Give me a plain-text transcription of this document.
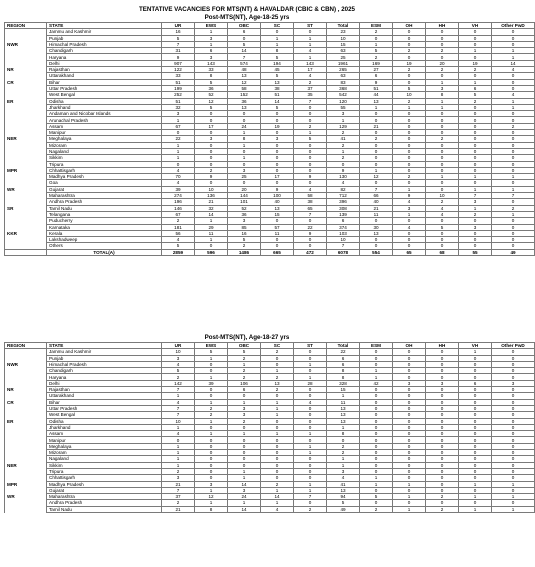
TENTATIVE VACANCIES FOR MTS(NT) & HAVALDAR (CBIC & CBN) , 2025
Post-MTS(NT), Age-18-25 yrs
REGION	STATE	UR	EWS	OBC	SC	ST	Total	ESM	OH	HH	VH	Other PwD
	Jammu and Kashmir	16	1	6	0	0	23	2	0	0	0	0
	Punjab	5	3	0	1	1	10	0	0	0	0	0
NWR	Himachal Pradesh	7	1	5	1	1	15	1	0	0	0	0
	Chandigarh	31	6	14	8	4	63	5	2	2	1	1
	Haryana	9	3	7	5	1	25	2	0	0	0	1
	Delhi	907	143	574	194	143	1961	169	19	20	19	14
NR	Rajasthan	122	33	48	45	17	265	27	2	2	2	4
	Uttarakhand	33	8	13	5	4	63	6	0	0	0	0
CR	Bihar	51	5	12	13	2	83	9	0	1	1	0
	Uttar Pradesh	199	36	58	38	37	368	51	5	3	6	0
	West Bengal	252	52	152	51	35	542	44	10	8	5	4
ER	Odisha	51	12	36	14	7	120	13	2	1	2	1
	Jharkhand	32	5	13	5	0	55	1	1	1	0	1
	Andaman and Nicobar Islands	3	0	0	0	0	3	0	0	0	0	0
	Arunachal Pradesh	1	0	0	0	0	1	0	0	0	0	0
	Assam	67	17	24	19	2	129	21	0	0	0	2
	Manipur	0	0	1	0	1	2	0	0	0	0	0
NER	Meghalaya	22	3	8	3	5	41	2	0	2	0	0
	Mizoram	1	0	1	0	0	2	0	0	0	0	0
	Nagaland	1	0	0	0	0	1	0	0	0	0	0
	Sikkim	1	0	1	0	0	2	0	0	0	0	0
	Tripura	0	0	0	0	0	0	0	0	0	0	0
MPR	Chhattisgarh	4	2	3	0	0	9	1	0	0	0	0
	Madhya Pradesh	70	9	25	17	9	130	12	2	1	1	1
	Goa	4	0	0	0	0	4	0	0	0	0	0
WR	Gujarat	39	10	20	9	4	82	7	1	0	1	1
	Maharashtra	274	136	144	100	58	712	66	9	10	7	7
	Andhra Pradesh	196	21	101	40	38	396	40	4	2	3	0
SR	Tamil Nadu	146	32	52	13	65	308	21	3	4	1	2
	Telangana	67	14	36	15	7	139	11	1	4	2	1
	Puducherry	2	1	3	0	0	6	0	0	0	0	0
	Karnataka	181	29	85	57	22	374	30	4	5	3	0
KKR	Kerala	56	11	16	11	9	103	13	0	0	0	0
	Lakshadweep	4	1	5	0	0	10	0	0	0	0	0
	Others	5	0	2	0	0	7	0	0	0	0	0
	TOTAL(A)	2859	596	1486	665	472	6078	554	65	68	55	49
Post-MTS(NT), Age-18-27 yrs
REGION	STATE	UR	EWS	OBC	SC	ST	Total	ESM	OH	HH	VH	Other PwD
	Jammu and Kashmir	10	5	5	2	0	22	0	0	0	1	0
	Punjab	3	1	2	0	0	6	0	0	0	0	0
NWR	Himachal Pradesh	4	0	1	0	1	6	0	0	0	0	0
	Chandigarh	5	0	2	1	0	8	1	0	0	0	0
	Haryana	2	1	2	2	1	8	1	0	0	0	0
	Delhi	142	39	106	13	28	328	42	3	3	6	3
NR	Rajasthan	7	0	6	2	0	15	0	0	0	0	0
	Uttarakhand	1	0	0	0	0	1	0	0	0	0	0
CR	Bihar	4	1	1	1	4	11	0	0	0	0	0
	Uttar Pradesh	7	2	3	1	0	13	0	0	0	0	0
	West Bengal	7	2	3	1	0	13	0	0	0	0	0
ER	Odisha	10	1	2	0	0	13	0	0	0	0	0
	Jharkhand	1	0	0	0	0	1	0	0	0	0	0
	Assam	4	1	1	1	1	8	0	0	0	0	0
	Manipur	0	0	0	0	0	0	0	0	0	0	0
	Meghalaya	1	0	0	0	1	2	0	0	0	0	0
	Mizoram	1	0	0	0	1	2	0	0	0	0	0
	Nagaland	1	0	0	0	0	1	0	0	0	0	0
NER	Sikkim	1	0	0	0	0	1	0	0	0	0	0
	Tripura	2	0	1	0	0	3	0	0	0	0	0
	Chhattisgarh	3	0	1	0	0	4	1	0	0	0	0
MPR	Madhya Pradesh	21	3	14	2	1	41	1	1	0	1	1
	Gujarat	7	1	3	1	1	13	0	0	0	0	0
WR	Maharashtra	37	12	24	14	7	94	5	1	2	1	1
	Andhra Pradesh	2	1	1	1	0	5	0	0	0	0	0
	Tamil Nadu	21	8	14	4	2	49	2	1	2	1	1
